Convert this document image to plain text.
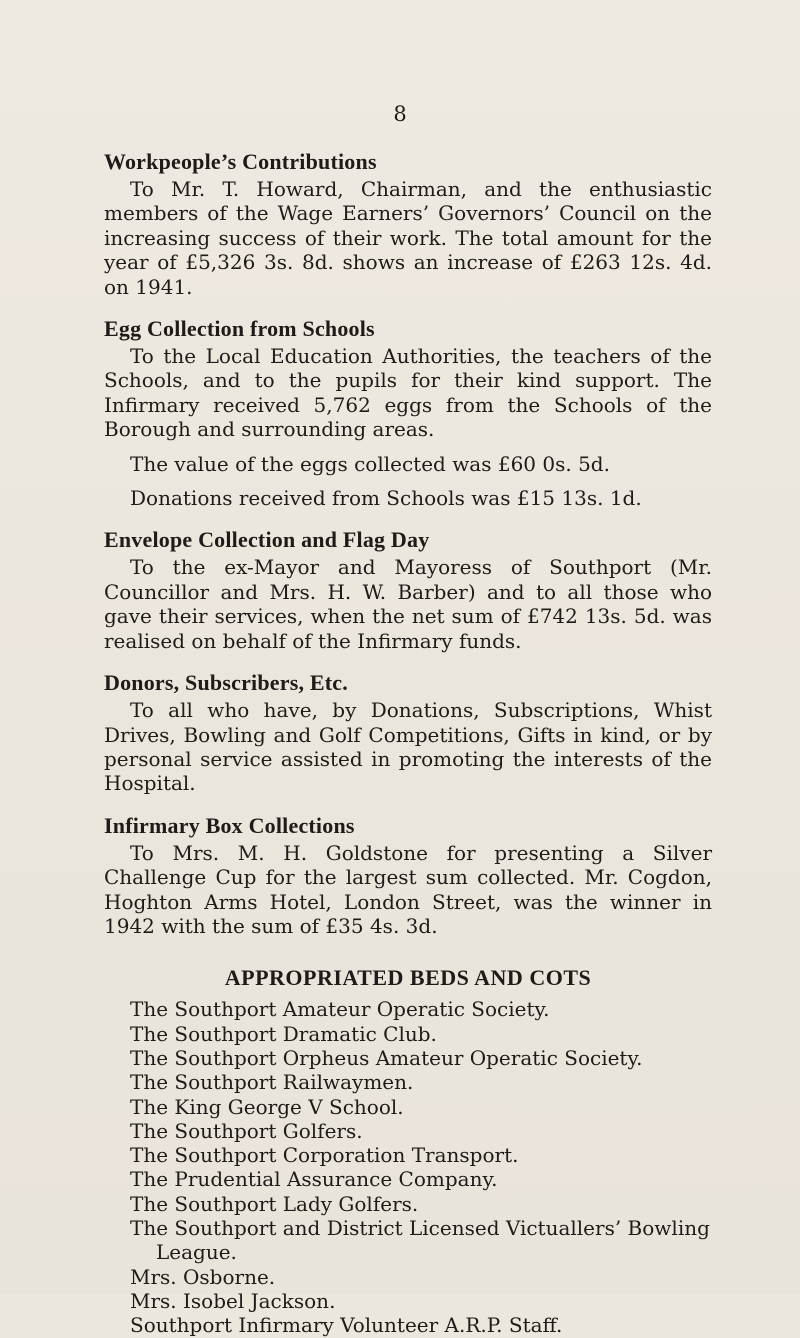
8
Workpeople’s Contributions

To Mr. T. Howard, Chairman, and the enthusiastic members of the Wage Earners’ Governors’ Council on the increasing success of their work. The total amount for the year of £5,326 3s. 8d. shows an increase of £263 12s. 4d. on 1941.

Egg Collection from Schools

To the Local Education Authorities, the teachers of the Schools, and to the pupils for their kind support. The Infirmary received 5,762 eggs from the Schools of the Borough and surrounding areas.

The value of the eggs collected was £60 0s. 5d.

Donations received from Schools was £15 13s. 1d.

Envelope Collection and Flag Day

To the ex-Mayor and Mayoress of Southport (Mr. Councillor and Mrs. H. W. Barber) and to all those who gave their services, when the net sum of £742 13s. 5d. was realised on behalf of the Infirmary funds.

Donors, Subscribers, Etc.

To all who have, by Donations, Subscriptions, Whist Drives, Bowling and Golf Competitions, Gifts in kind, or by personal service assisted in promoting the interests of the Hospital.

Infirmary Box Collections

To Mrs. M. H. Goldstone for presenting a Silver Challenge Cup for the largest sum collected. Mr. Cogdon, Hoghton Arms Hotel, London Street, was the winner in 1942 with the sum of £35 4s. 3d.

APPROPRIATED BEDS AND COTS
The Southport Amateur Operatic Society.
The Southport Dramatic Club.
The Southport Orpheus Amateur Operatic Society.
The Southport Railwaymen.
The King George V School.
The Southport Golfers.
The Southport Corporation Transport.
The Prudential Assurance Company.
The Southport Lady Golfers.
The Southport and District Licensed Victuallers’ Bowling League.
Mrs. Osborne.
Mrs. Isobel Jackson.
Southport Infirmary Volunteer A.R.P. Staff.
